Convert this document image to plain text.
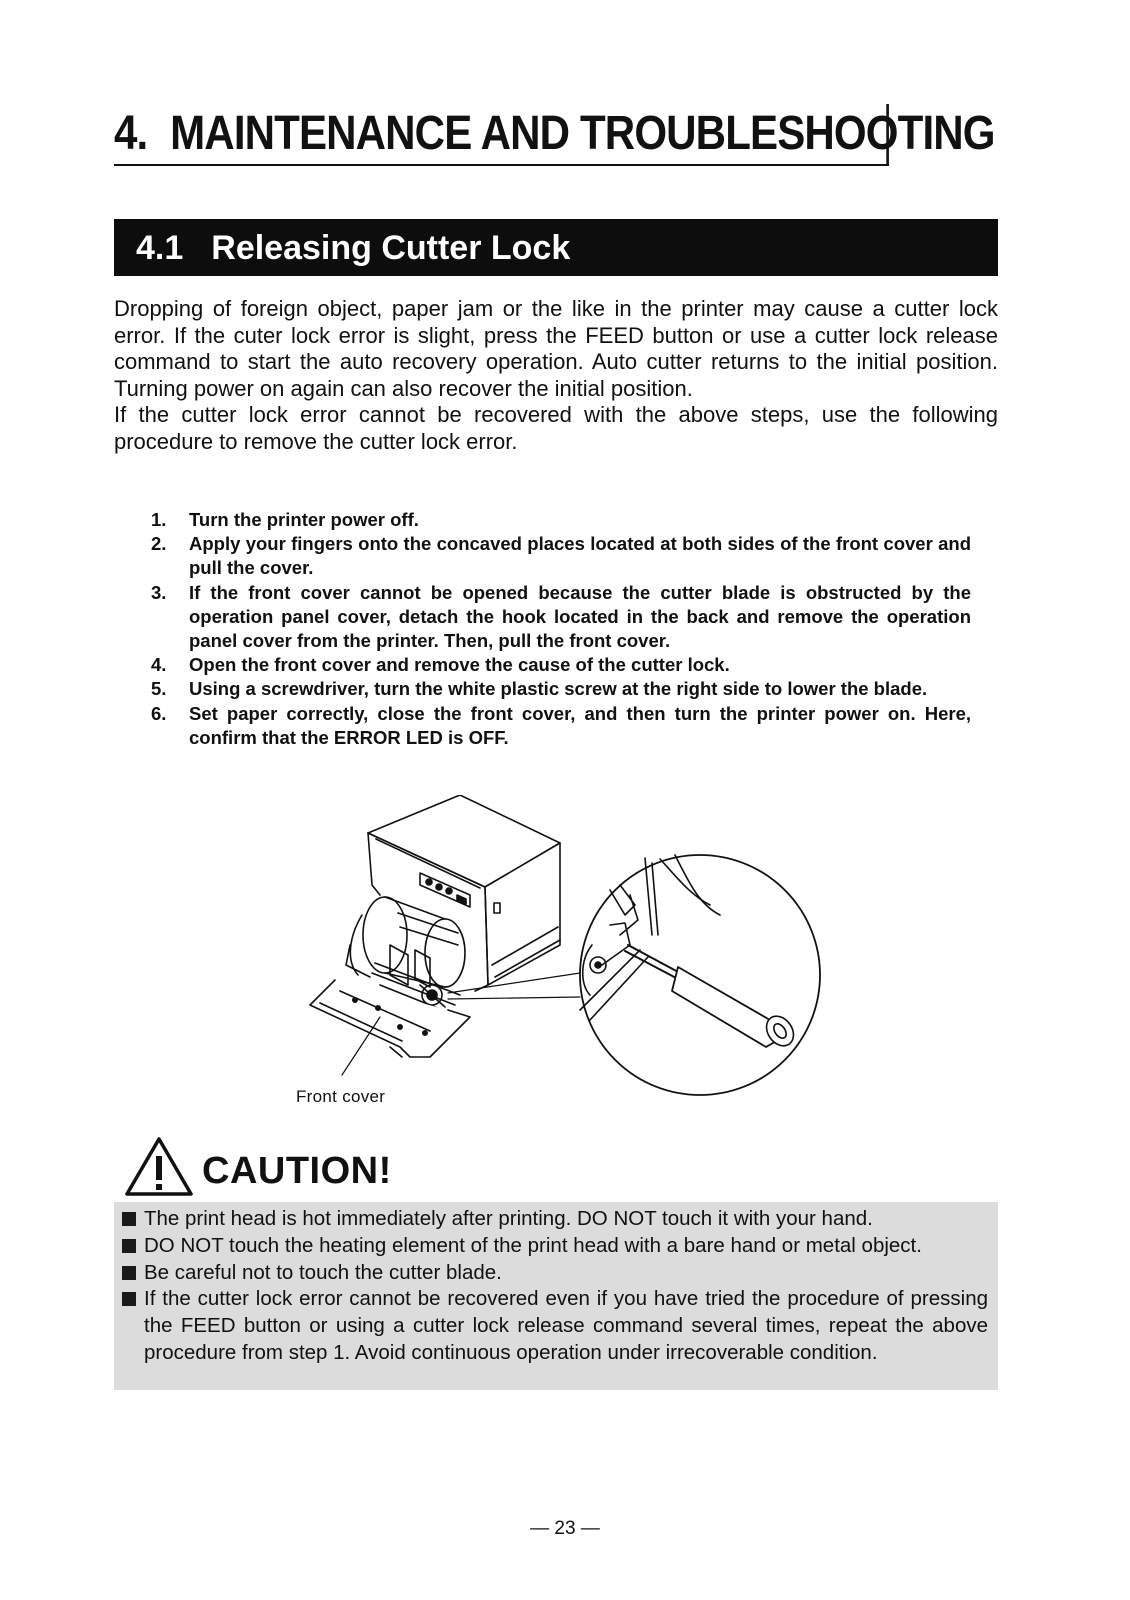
4. MAINTENANCE AND TROUBLESHOOTING
4.1 Releasing Cutter Lock

Dropping of foreign object, paper jam or the like in the printer may cause a cutter lock error. If the cuter lock error is slight, press the FEED button or use a cutter lock release command to start the auto recovery operation. Auto cutter returns to the initial position. Turning power on again can also recover the initial position.

If the cutter lock error cannot be recovered with the above steps, use the following procedure to remove the cutter lock error.

1. Turn the printer power off.
2. Apply your fingers onto the concaved places located at both sides of the front cover and pull the cover.
3. If the front cover cannot be opened because the cutter blade is obstructed by the operation panel cover, detach the hook located in the back and remove the operation panel cover from the printer. Then, pull the front cover.
4. Open the front cover and remove the cause of the cutter lock.
5. Using a screwdriver, turn the white plastic screw at the right side to lower the blade.
6. Set paper correctly, close the front cover, and then turn the printer power on. Here, confirm that the ERROR LED is OFF.
Front cover
CAUTION!
The print head is hot immediately after printing. DO NOT touch it with your hand.
DO NOT touch the heating element of the print head with a bare hand or metal object.
Be careful not to touch the cutter blade.
If the cutter lock error cannot be recovered even if you have tried the procedure of pressing the FEED button or using a cutter lock release command several times, repeat the above procedure from step 1. Avoid continuous operation under irrecoverable condition.
— 23 —
